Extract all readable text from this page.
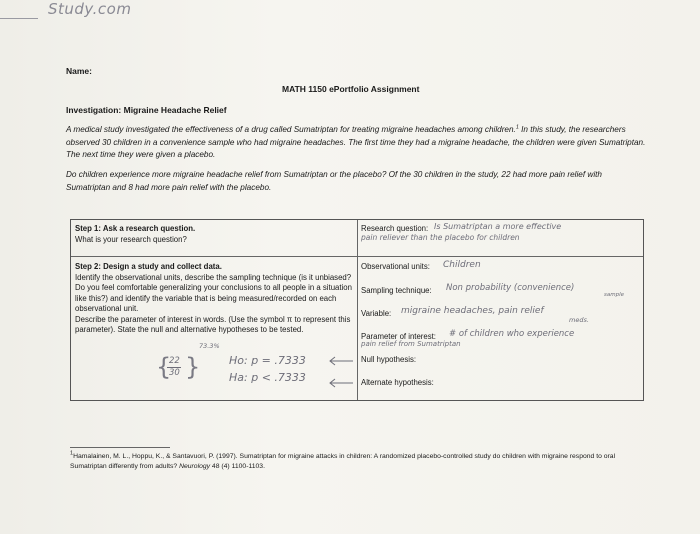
Study.com
Name:
MATH 1150 ePortfolio Assignment
Investigation: Migraine Headache Relief
A medical study investigated the effectiveness of a drug called Sumatriptan for treating migraine headaches among children.$^1$ In this study, the researchers observed 30 children in a convenience sample who had migraine headaches. The first time they had a migraine headache, the children were given Sumatriptan. The next time they were given a placebo.
Do children experience more migraine headache relief from Sumatriptan or the placebo? Of the 30 children in the study, 22 had more pain relief with Sumatriptan and 8 had more pain relief with the placebo.
Step 1: Ask a research question.
What is your research question?
Step 2: Design a study and collect data.
Identify the observational units, describe the sampling technique (is it unbiased? Do you feel comfortable generalizing your conclusions to all people in a situation like this?) and identify the variable that is being measured/recorded on each observational unit.
Describe the parameter of interest in words. (Use the symbol π to represent this parameter). State the null and alternative hypotheses to be tested.
Research question:
Observational units:
Sampling technique:
Variable:
Parameter of interest:
Null hypothesis:
Alternate hypothesis:
Is Sumatriptan a more effective
pain reliever than the placebo for children
Children
Non probability (convenience)
sample
migraine headaches, pain relief
meds.
# of children who experience
pain relief from Sumatriptan
73.3%
22
30
{ }	Ho: p = .7333
Ha: p < .7333
$^1$Hamalainen, M. L., Hoppu, K., & Santavuori, P. (1997). Sumatriptan for migraine attacks in children: A randomized placebo-controlled study do children with migraine respond to oral Sumatriptan differently from adults? Neurology 48 (4) 1100-1103.
